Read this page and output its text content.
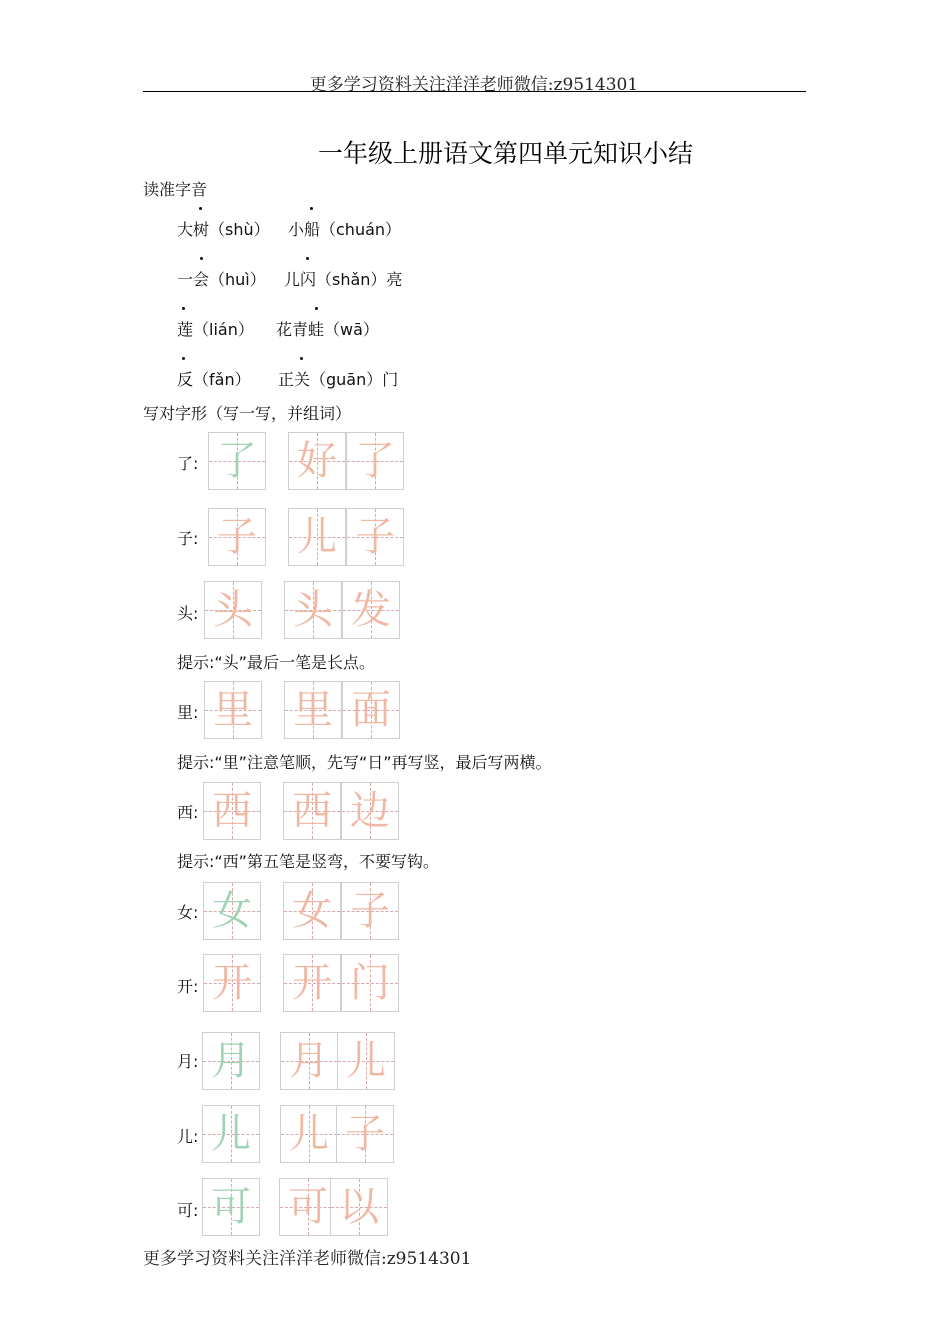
更多学习资料关注洋洋老师微信:z9514301
一年级上册语文第四单元知识小结
读准字音
大树（shù） 小船（chuán）
一会（huì） 儿闪（shǎn）亮
莲（lián） 花青蛙（wā）
反（fǎn） 正关（guān）门
写对字形（写一写，并组词）
了: 了 好 了
子: 子 儿 子
头: 头 头 发
提示:“头”最后一笔是长点。
里: 里 里 面
提示:“里”注意笔顺，先写“日”再写竖，最后写两横。
西: 西 西 边
提示:“西”第五笔是竖弯，不要写钩。
女: 女 女 子
开: 开 开 门
月: 月 月 儿
儿: 儿 儿 子
可: 可 可 以
更多学习资料关注洋洋老师微信:z9514301
